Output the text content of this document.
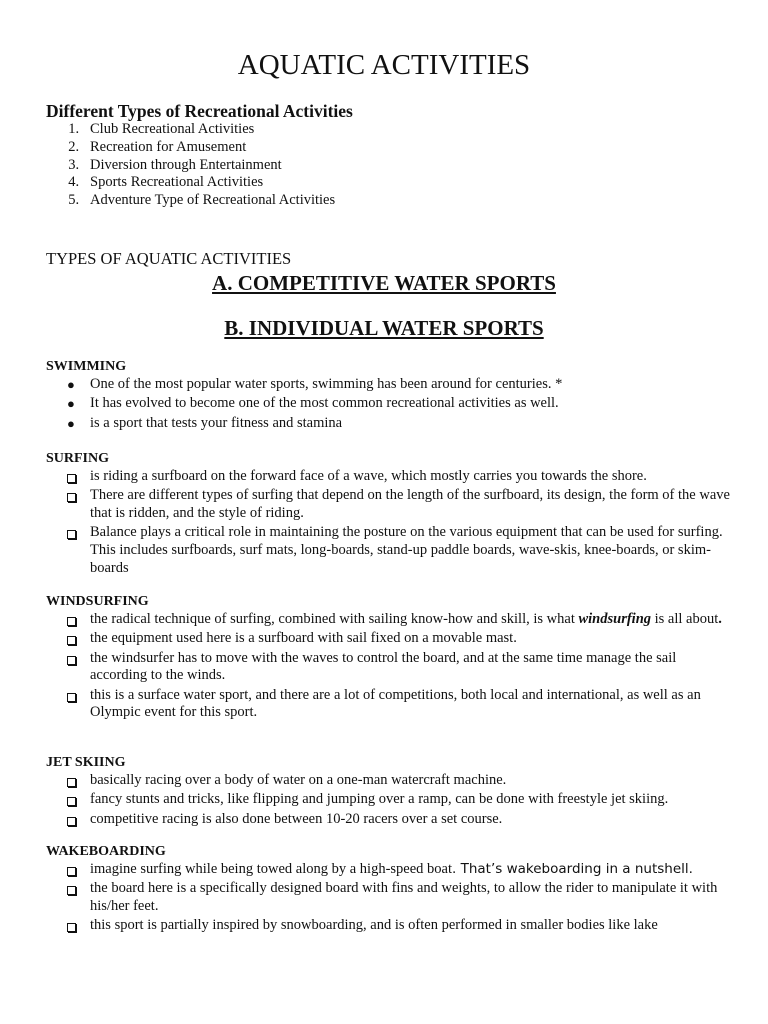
AQUATIC ACTIVITIES
Different Types of Recreational Activities
1. Club Recreational Activities
2. Recreation for Amusement
3. Diversion through Entertainment
4. Sports Recreational Activities
5. Adventure Type of Recreational Activities
TYPES OF AQUATIC ACTIVITIES
A. COMPETITIVE WATER SPORTS
B. INDIVIDUAL WATER SPORTS
SWIMMING
●	One of the most popular water sports, swimming has been around for centuries. *
●	It has evolved to become one of the most common recreational activities as well.
●	is a sport that tests your fitness and stamina
SURFING
is riding a surfboard on the forward face of a wave, which mostly carries you towards the shore.
There are different types of surfing that depend on the length of the surfboard, its design, the form of the wave that is ridden, and the style of riding.
Balance plays a critical role in maintaining the posture on the various equipment that can be used for surfing. This includes surfboards, surf mats, long-boards, stand-up paddle boards, wave-skis, knee-boards, or skim-boards
WINDSURFING
the radical technique of surfing, combined with sailing know-how and skill, is what windsurfing is all about.
the equipment used here is a surfboard with sail fixed on a movable mast.
the windsurfer has to move with the waves to control the board, and at the same time manage the sail according to the winds.
this is a surface water sport, and there are a lot of competitions, both local and international, as well as an Olympic event for this sport.
JET SKIING
basically racing over a body of water on a one-man watercraft machine.
fancy stunts and tricks, like flipping and jumping over a ramp, can be done with freestyle jet skiing.
competitive racing is also done between 10-20 racers over a set course.
WAKEBOARDING
imagine surfing while being towed along by a high-speed boat. That’s wakeboarding in a nutshell.
the board here is a specifically designed board with fins and weights, to allow the rider to manipulate it with his/her feet.
this sport is partially inspired by snowboarding, and is often performed in smaller bodies like lake
